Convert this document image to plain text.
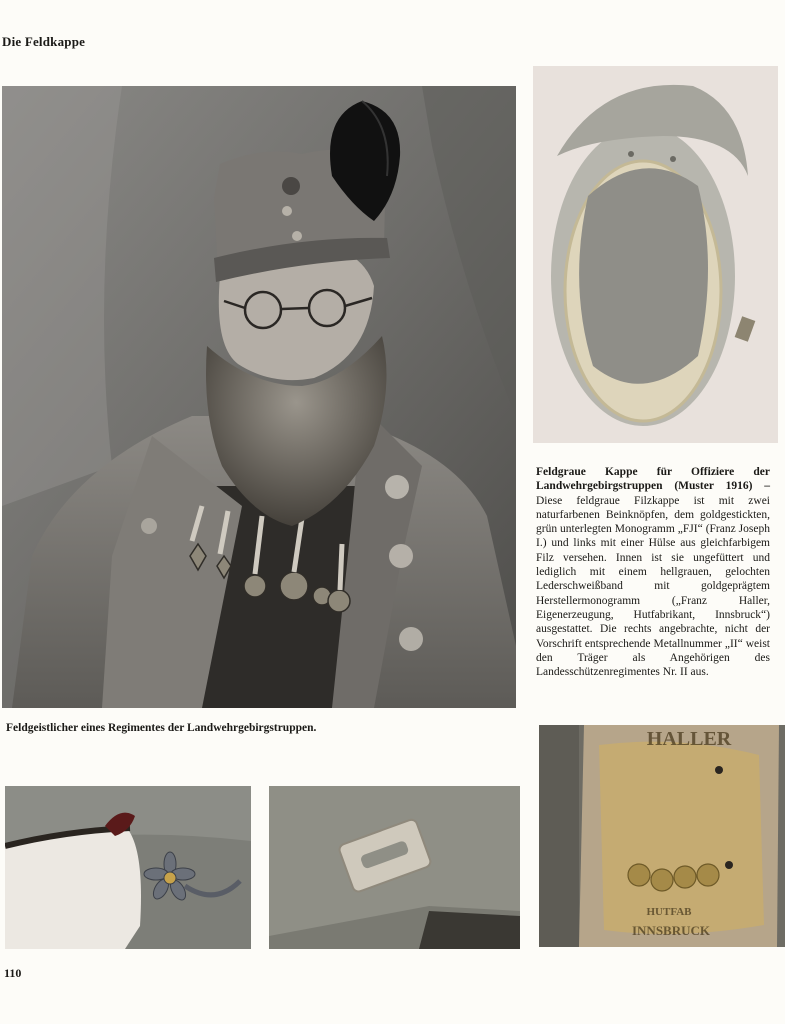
Die Feldkappe
Feldgraue Kappe für Offiziere der Landwehrgebirgstruppen (Muster 1916) – Diese feldgraue Filzkappe ist mit zwei naturfarbenen Beinknöpfen, dem goldgestickten, grün unterlegten Monogramm „FJI“ (Franz Joseph I.) und links mit einer Hülse aus gleichfarbigem Filz versehen. Innen ist sie ungefüttert und lediglich mit einem hellgrauen, gelochten Lederschweißband mit goldgeprägtem Herstellermonogramm („Franz Haller, Eigenerzeugung, Hutfabrikant, Innsbruck“) ausgestattet. Die rechts angebrachte, nicht der Vorschrift entsprechende Metallnummer „II“ weist den Träger als Angehörigen des Landesschützenregimentes Nr. II aus.
Feldgeistlicher eines Regimentes der Landwehrgebirgstruppen.	HALLER
HUTFAB
INNSBRUCK
110
